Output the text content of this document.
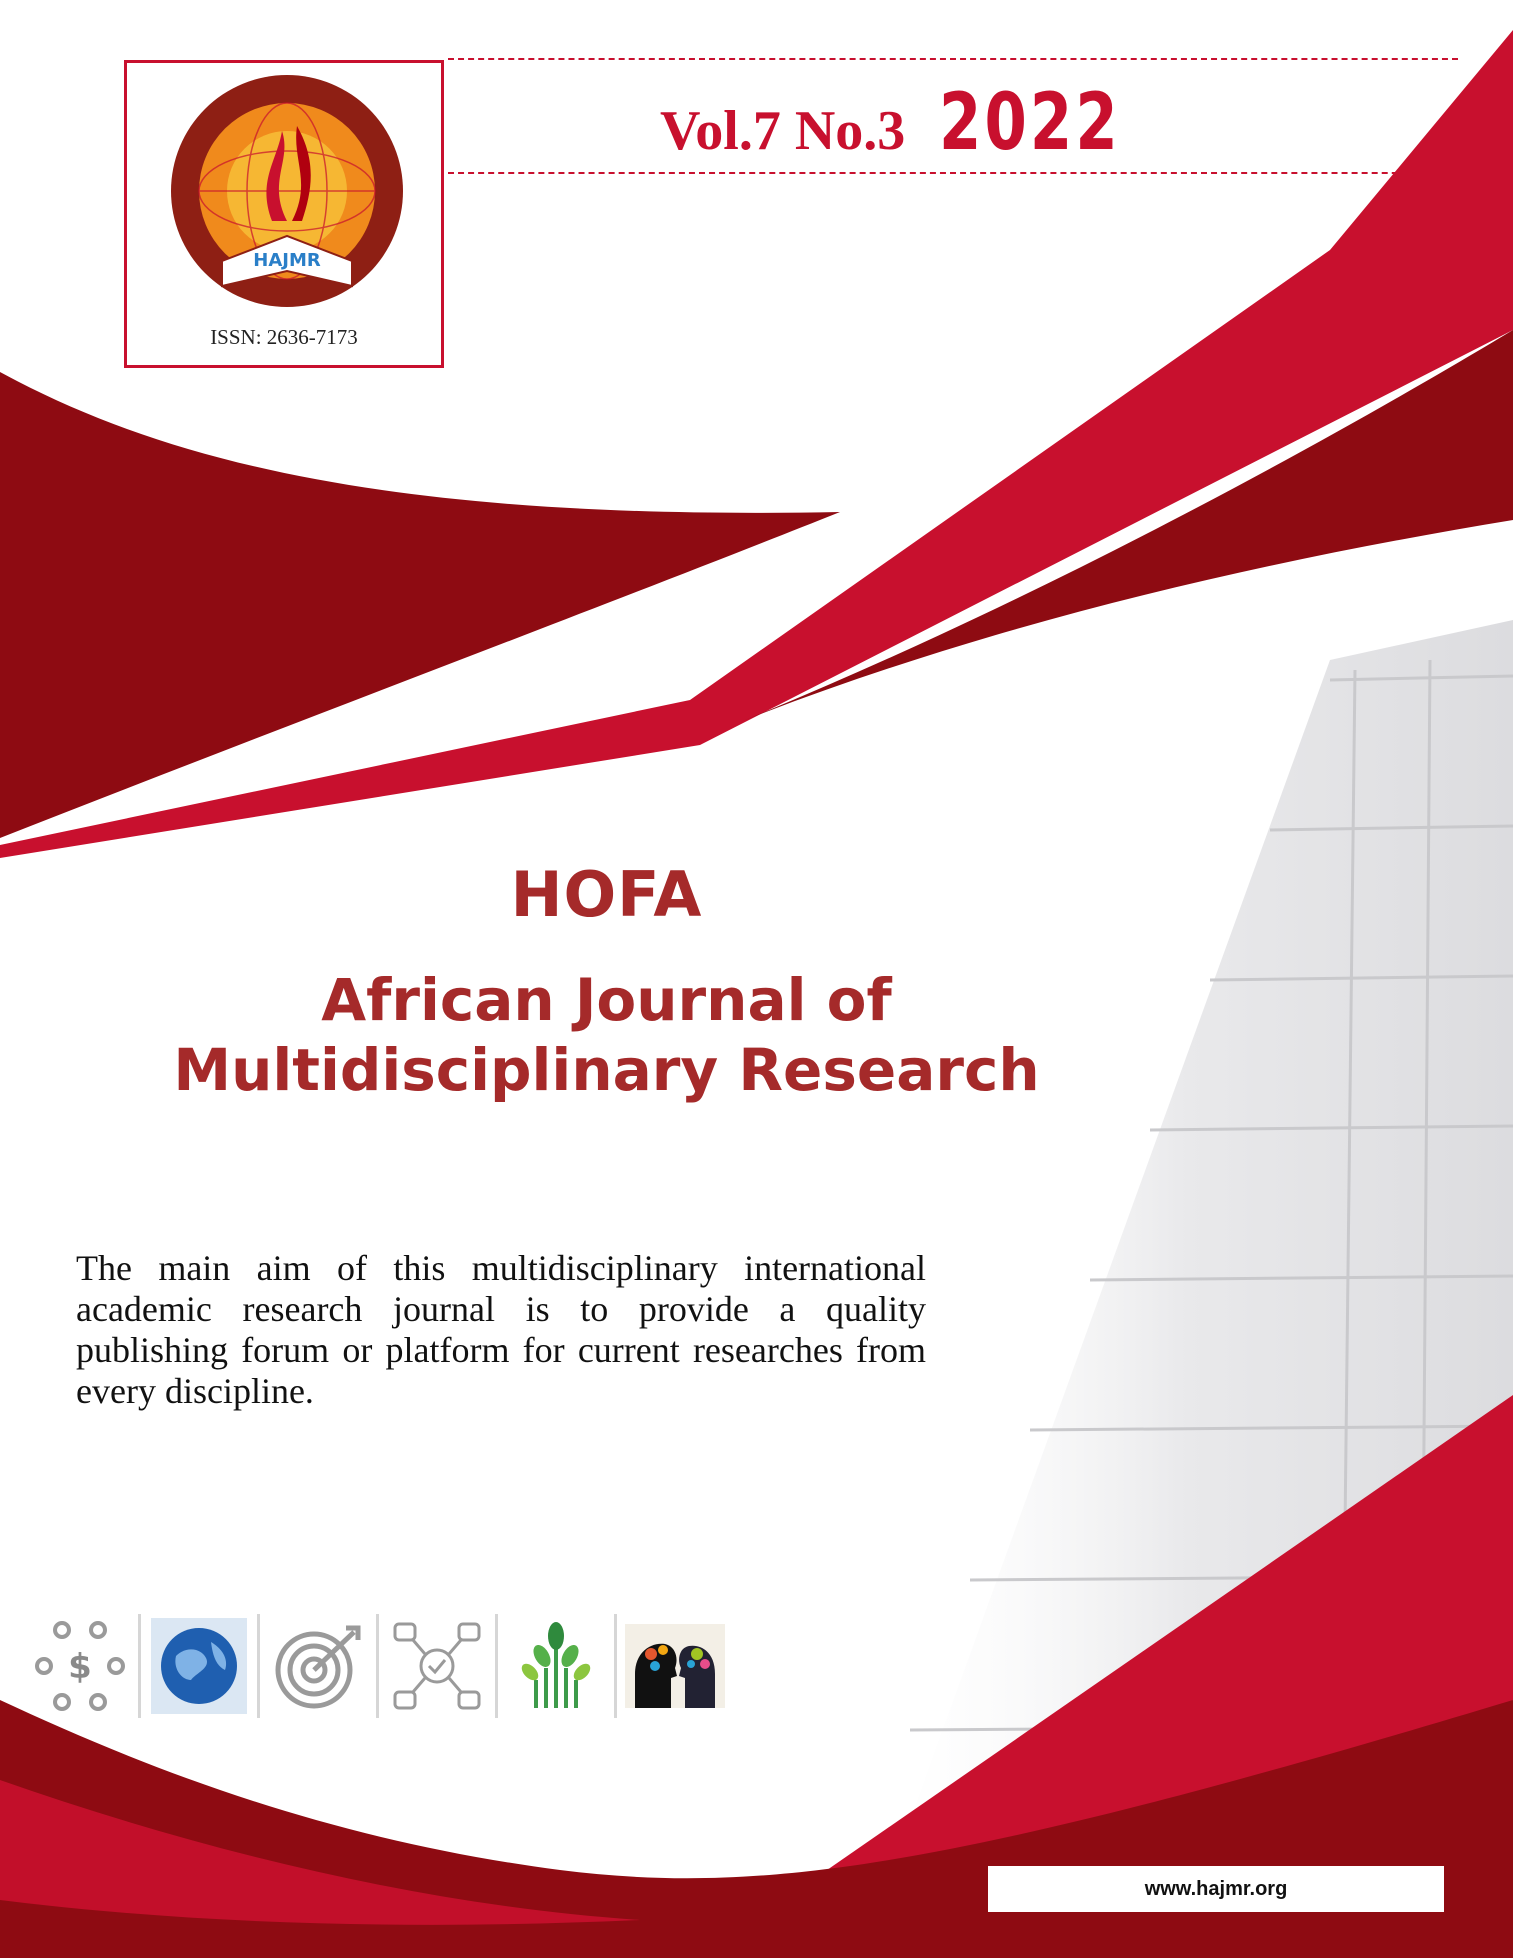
HAJMR
ISSN: 2636-7173
Vol.7 No.3 2022
HOFA
African Journal of
Multidisciplinary Research
The main aim of this multidisciplinary international academic research journal is to provide a quality publishing forum or platform for current researches from every discipline.
$
www.hajmr.org
